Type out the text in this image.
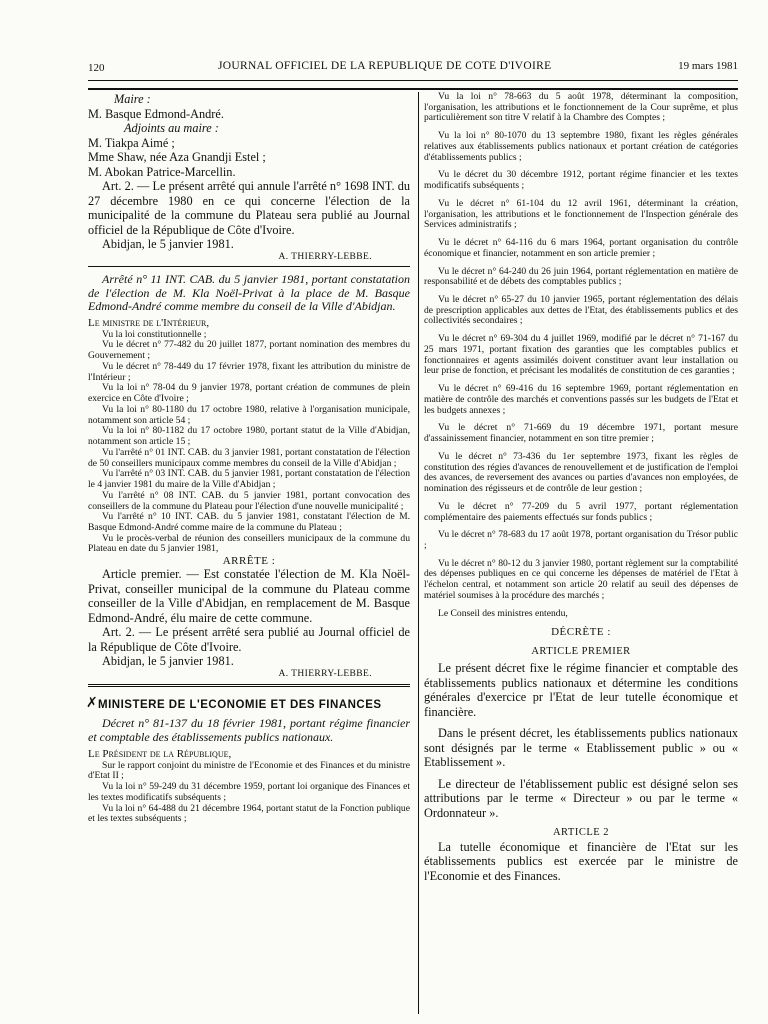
120	JOURNAL OFFICIEL DE LA REPUBLIQUE DE COTE D'IVOIRE	19 mars 1981

Maire :

M. Basque Edmond-André.

Adjoints au maire :

M. Tiakpa Aimé ;

Mme Shaw, née Aza Gnandji Estel ;

M. Abokan Patrice-Marcellin.

Art. 2. — Le présent arrêté qui annule l'arrêté n° 1698 INT. du 27 décembre 1980 en ce qui concerne l'élection de la municipalité de la commune du Plateau sera publié au Journal officiel de la République de Côte d'Ivoire.

Abidjan, le 5 janvier 1981.

A. THIERRY-LEBBE.

Arrêté n° 11 INT. CAB. du 5 janvier 1981, portant constatation de l'élection de M. Kla Noël-Privat à la place de M. Basque Edmond-André comme membre du conseil de la Ville d'Abidjan.

Le ministre de l'Intérieur,

Vu la loi constitutionnelle ;

Vu le décret n° 77-482 du 20 juillet 1877, portant nomination des membres du Gouvernement ;

Vu le décret n° 78-449 du 17 février 1978, fixant les attribution du ministre de l'Intérieur ;

Vu la loi n° 78-04 du 9 janvier 1978, portant création de communes de plein exercice en Côte d'Ivoire ;

Vu la loi n° 80-1180 du 17 octobre 1980, relative à l'organisation municipale, notamment son article 54 ;

Vu la loi n° 80-1182 du 17 octobre 1980, portant statut de la Ville d'Abidjan, notamment son article 15 ;

Vu l'arrêté n° 01 INT. CAB. du 3 janvier 1981, portant constatation de l'élection de 50 conseillers municipaux comme membres du conseil de la Ville d'Abidjan ;

Vu l'arrêté n° 03 INT. CAB. du 5 janvier 1981, portant constatation de l'élection le 4 janvier 1981 du maire de la Ville d'Abidjan ;

Vu l'arrêté n° 08 INT. CAB. du 5 janvier 1981, portant convocation des conseillers de la commune du Plateau pour l'élection d'une nouvelle municipalité ;

Vu l'arrêté n° 10 INT. CAB. du 5 janvier 1981, constatant l'élection de M. Basque Edmond-André comme maire de la commune du Plateau ;

Vu le procès-verbal de réunion des conseillers municipaux de la commune du Plateau en date du 5 janvier 1981,

ARRÊTE :

Article premier. — Est constatée l'élection de M. Kla Noël-Privat, conseiller municipal de la commune du Plateau comme conseiller de la Ville d'Abidjan, en remplacement de M. Basque Edmond-André, élu maire de cette commune.

Art. 2. — Le présent arrêté sera publié au Journal officiel de la République de Côte d'Ivoire.

Abidjan, le 5 janvier 1981.

A. THIERRY-LEBBE.

✗ MINISTERE DE L'ECONOMIE ET DES FINANCES

Décret n° 81-137 du 18 février 1981, portant régime financier et comptable des établissements publics nationaux.

Le Président de la République,

Sur le rapport conjoint du ministre de l'Economie et des Finances et du ministre d'Etat II ;

Vu la loi n° 59-249 du 31 décembre 1959, portant loi organique des Finances et les textes modificatifs subséquents ;

Vu la loi n° 64-488 du 21 décembre 1964, portant statut de la Fonction publique et les textes subséquents ;

Vu la loi n° 78-663 du 5 août 1978, déterminant la composition, l'organisation, les attributions et le fonctionnement de la Cour suprême, et plus particulièrement son titre V relatif à la Chambre des Comptes ;

Vu la loi n° 80-1070 du 13 septembre 1980, fixant les règles générales relatives aux établissements publics nationaux et portant création de catégories d'établissements publics ;

Vu le décret du 30 décembre 1912, portant régime financier et les textes modificatifs subséquents ;

Vu le décret n° 61-104 du 12 avril 1961, déterminant la création, l'organisation, les attributions et le fonctionnement de l'Inspection générale des Services administratifs ;

Vu le décret n° 64-116 du 6 mars 1964, portant organisation du contrôle économique et financier, notamment en son article premier ;

Vu le décret n° 64-240 du 26 juin 1964, portant réglementation en matière de responsabilité et de débets des comptables publics ;

Vu le décret n° 65-27 du 10 janvier 1965, portant réglementation des délais de prescription applicables aux dettes de l'Etat, des établissements publics et des collectivités secondaires ;

Vu le décret n° 69-304 du 4 juillet 1969, modifié par le décret n° 71-167 du 25 mars 1971, portant fixation des garanties que les comptables publics et fonctionnaires et agents assimilés doivent constituer avant leur installation ou leur prise de fonction, et précisant les modalités de constitution de ces garanties ;

Vu le décret n° 69-416 du 16 septembre 1969, portant réglementation en matière de contrôle des marchés et conventions passés sur les budgets de l'Etat et les budgets annexes ;

Vu le décret n° 71-669 du 19 décembre 1971, portant mesure d'assainissement financier, notamment en son titre premier ;

Vu le décret n° 73-436 du 1er septembre 1973, fixant les règles de constitution des régies d'avances de renouvellement et de justification de l'emploi des avances, de reversement des avances ou parties d'avances non employées, de nomination des régisseurs et de contrôle de leur gestion ;

Vu le décret n° 77-209 du 5 avril 1977, portant réglementation complémentaire des paiements effectués sur fonds publics ;

Vu le décret n° 78-683 du 17 août 1978, portant organisation du Trésor public ;

Vu le décret n° 80-12 du 3 janvier 1980, portant règlement sur la comptabilité des dépenses publiques en ce qui concerne les dépenses de matériel de l'Etat à l'échelon central, et notamment son article 20 relatif au seuil des dépenses de matériel soumises à la procédure des marchés ;

Le Conseil des ministres entendu,

DÉCRÈTE :

ARTICLE PREMIER

Le présent décret fixe le régime financier et comptable des établissements publics nationaux et détermine les conditions générales d'exercice pr l'Etat de leur tutelle économique et financière.

Dans le présent décret, les établissements publics nationaux sont désignés par le terme « Etablissement public » ou « Etablissement ».

Le directeur de l'établissement public est désigné selon ses attributions par le terme « Directeur » ou par le terme « Ordonnateur ».

ARTICLE 2

La tutelle économique et financière de l'Etat sur les établissements publics est exercée par le ministre de l'Economie et des Finances.
